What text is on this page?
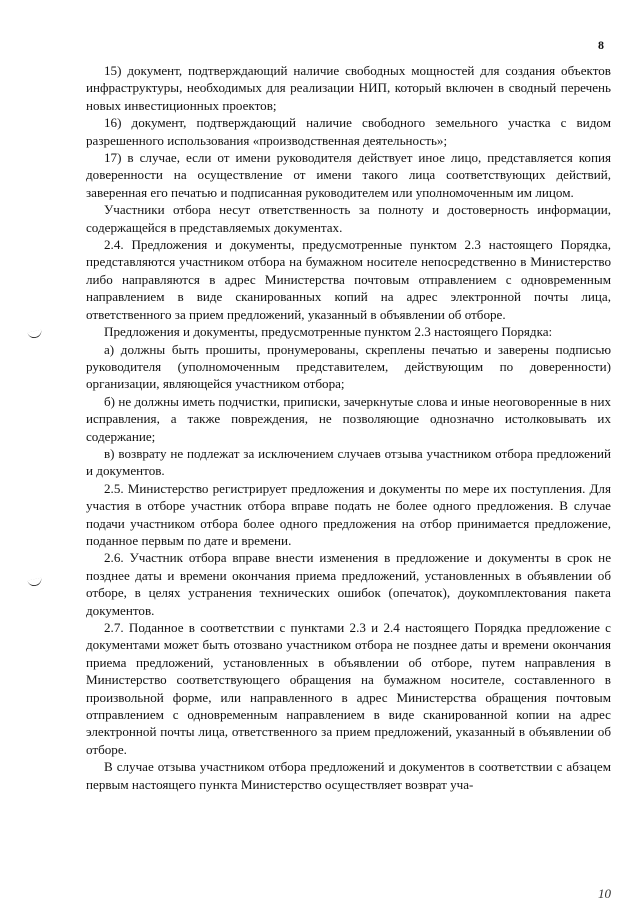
8

15) документ, подтверждающий наличие свободных мощностей для создания объектов инфраструктуры, необходимых для реализации НИП, который включен в сводный перечень новых инвестиционных проектов;

16) документ, подтверждающий наличие свободного земельного участка с видом разрешенного использования «производственная деятельность»;

17) в случае, если от имени руководителя действует иное лицо, представляется копия доверенности на осуществление от имени такого лица соответствующих действий, заверенная его печатью и подписанная руководителем или уполномоченным им лицом.

Участники отбора несут ответственность за полноту и достоверность информации, содержащейся в представляемых документах.

2.4. Предложения и документы, предусмотренные пунктом 2.3 настоящего Порядка, представляются участником отбора на бумажном носителе непосредственно в Министерство либо направляются в адрес Министерства почтовым отправлением с одновременным направлением в виде сканированных копий на адрес электронной почты лица, ответственного за прием предложений, указанный в объявлении об отборе.

Предложения и документы, предусмотренные пунктом 2.3 настоящего Порядка:

а) должны быть прошиты, пронумерованы, скреплены печатью и заверены подписью руководителя (уполномоченным представителем, действующим по доверенности) организации, являющейся участником отбора;

б) не должны иметь подчистки, приписки, зачеркнутые слова и иные неоговоренные в них исправления, а также повреждения, не позволяющие однозначно истолковывать их содержание;

в) возврату не подлежат за исключением случаев отзыва участником отбора предложений и документов.

2.5. Министерство регистрирует предложения и документы по мере их поступления. Для участия в отборе участник отбора вправе подать не более одного предложения. В случае подачи участником отбора более одного предложения на отбор принимается предложение, поданное первым по дате и времени.

2.6. Участник отбора вправе внести изменения в предложение и документы в срок не позднее даты и времени окончания приема предложений, установленных в объявлении об отборе, в целях устранения технических ошибок (опечаток), доукомплектования пакета документов.

2.7. Поданное в соответствии с пунктами 2.3 и 2.4 настоящего Порядка предложение с документами может быть отозвано участником отбора не позднее даты и времени окончания приема предложений, установленных в объявлении об отборе, путем направления в Министерство соответствующего обращения на бумажном носителе, составленного в произвольной форме, или направленного в адрес Министерства обращения почтовым отправлением с одновременным направлением в виде сканированной копии на адрес электронной почты лица, ответственного за прием предложений, указанный в объявлении об отборе.

В случае отзыва участником отбора предложений и документов в соответствии с абзацем первым настоящего пункта Министерство осуществляет возврат уча-

10
